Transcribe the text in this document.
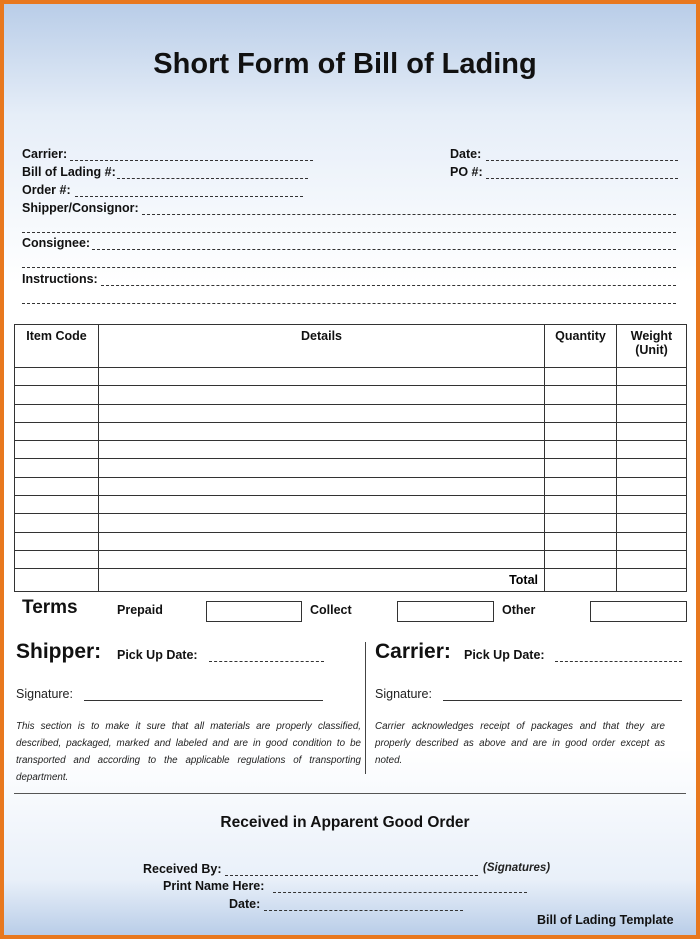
Short Form of Bill of Lading
Carrier:
Bill of Lading #:
Order #:
Date:
PO #:
Shipper/Consignor:
Consignee:
Instructions:
Item Code	Details	Quantity	Weight (Unit)

	Total		
Terms	Prepaid	Collect	Other
Shipper: Pick Up Date:
Signature:
This section is to make it sure that all materials are properly classified, described, packaged, marked and labeled and are in good condition to be transported and according to the applicable regulations of transporting department.
Carrier: Pick Up Date:
Signature:
Carrier acknowledges receipt of packages and that they are properly described as above and are in good order except as noted.
Received in Apparent Good Order
Received By:	(Signatures)
Print Name Here:
Date:
Bill of Lading Template
